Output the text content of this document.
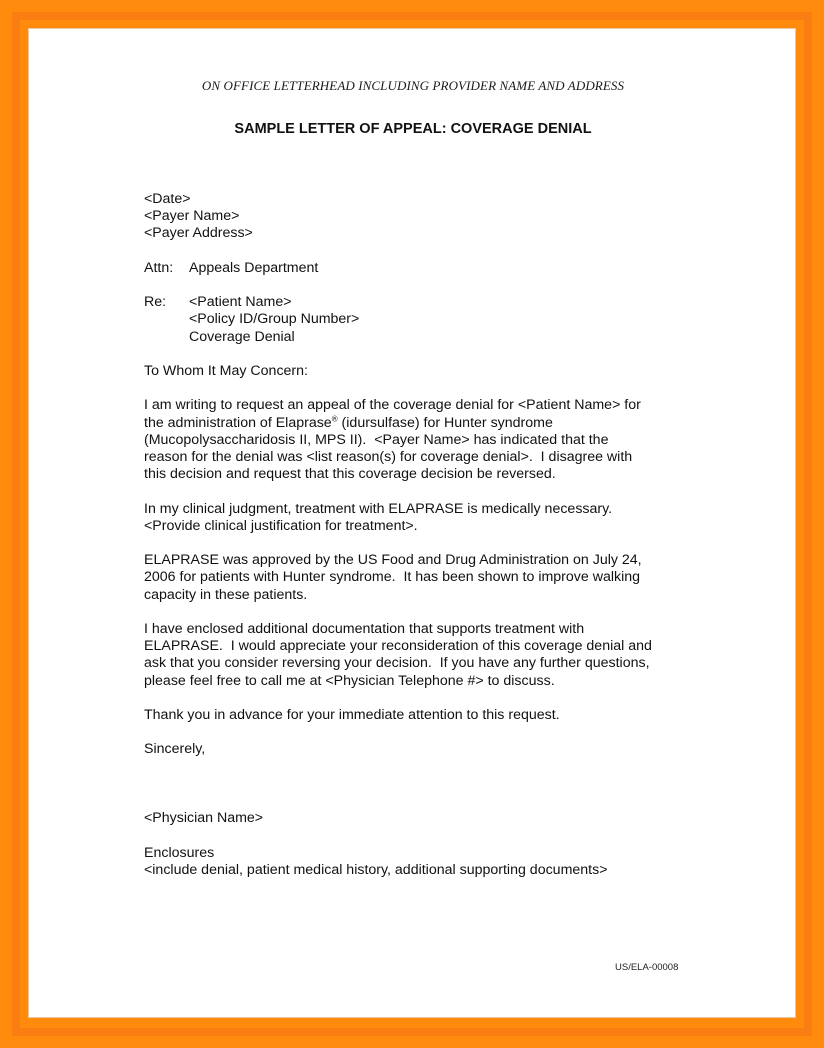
ON OFFICE LETTERHEAD INCLUDING PROVIDER NAME AND ADDRESS
SAMPLE LETTER OF APPEAL: COVERAGE DENIAL
<Date>
<Payer Name>
<Payer Address>
Attn:	Appeals Department
Re:	<Patient Name>
<Policy ID/Group Number>
Coverage Denial
To Whom It May Concern:
I am writing to request an appeal of the coverage denial for <Patient Name> for
the administration of Elaprase® (idursulfase) for Hunter syndrome
(Mucopolysaccharidosis II, MPS II).  <Payer Name> has indicated that the
reason for the denial was <list reason(s) for coverage denial>.  I disagree with
this decision and request that this coverage decision be reversed.
In my clinical judgment, treatment with ELAPRASE is medically necessary.
<Provide clinical justification for treatment>.
ELAPRASE was approved by the US Food and Drug Administration on July 24,
2006 for patients with Hunter syndrome.  It has been shown to improve walking
capacity in these patients.
I have enclosed additional documentation that supports treatment with
ELAPRASE.  I would appreciate your reconsideration of this coverage denial and
ask that you consider reversing your decision.  If you have any further questions,
please feel free to call me at <Physician Telephone #> to discuss.
Thank you in advance for your immediate attention to this request.
Sincerely,
<Physician Name>
Enclosures
<include denial, patient medical history, additional supporting documents>
US/ELA-00008
